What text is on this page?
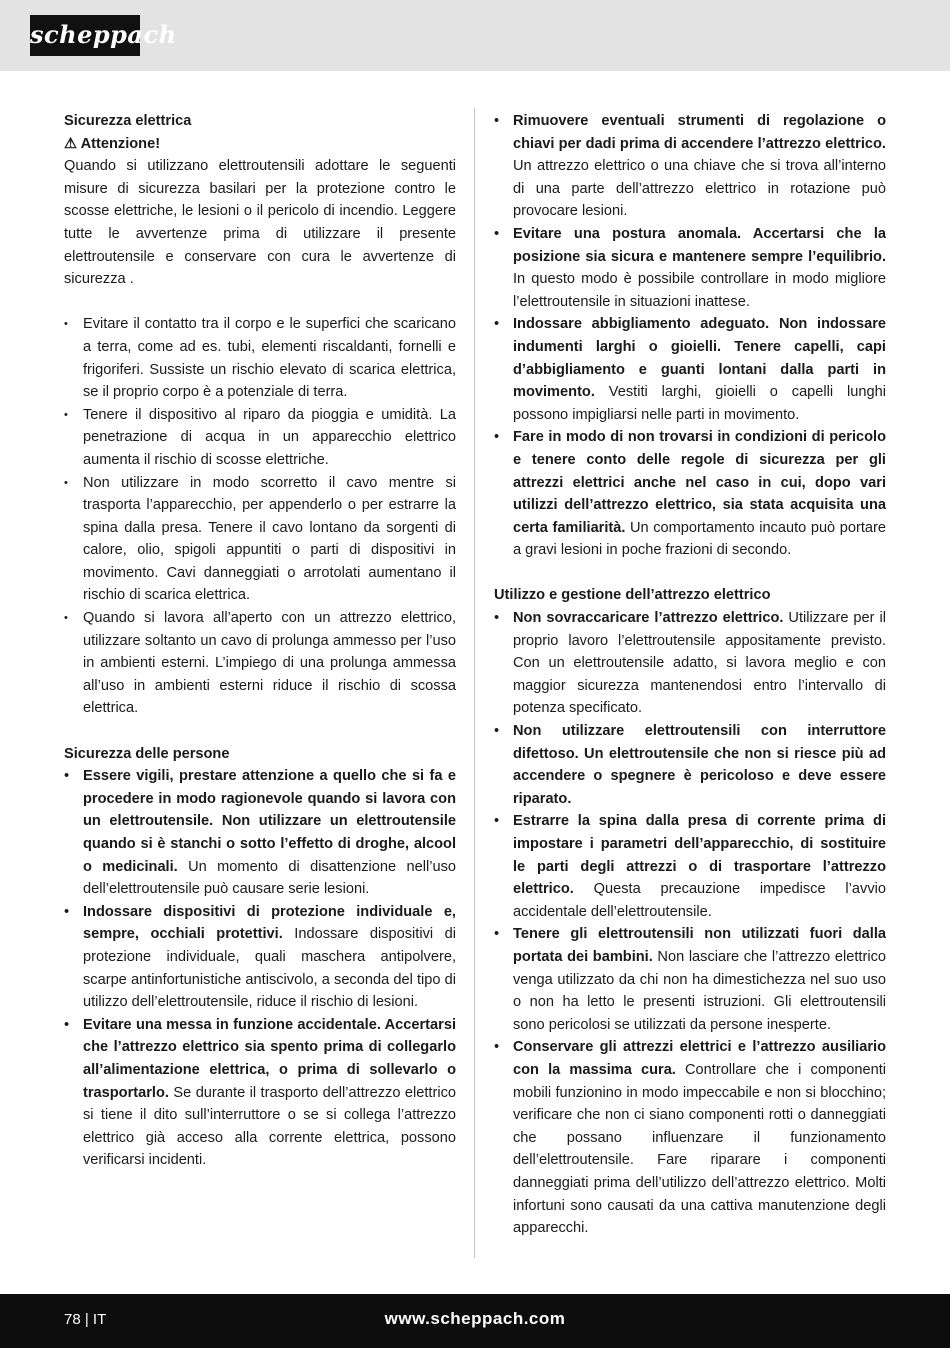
scheppach
Sicurezza elettrica
⚠ Attenzione!

Quando si utilizzano elettroutensili adottare le seguenti misure di sicurezza basilari per la protezione contro le scosse elettriche, le lesioni o il pericolo di incendio. Leggere tutte le avvertenze prima di utilizzare il presente elettroutensile e conservare con cura le avvertenze di sicurezza .

• Evitare il contatto tra il corpo e le superfici che scaricano a terra, come ad es. tubi, elementi riscaldanti, fornelli e frigoriferi. Sussiste un rischio elevato di scarica elettrica, se il proprio corpo è a potenziale di terra.
• Tenere il dispositivo al riparo da pioggia e umidità. La penetrazione di acqua in un apparecchio elettrico aumenta il rischio di scosse elettriche.
• Non utilizzare in modo scorretto il cavo mentre si trasporta l’apparecchio, per appenderlo o per estrarre la spina dalla presa. Tenere il cavo lontano da sorgenti di calore, olio, spigoli appuntiti o parti di dispositivi in movimento. Cavi danneggiati o arrotolati aumentano il rischio di scarica elettrica.
• Quando si lavora all’aperto con un attrezzo elettrico, utilizzare soltanto un cavo di prolunga ammesso per l’uso in ambienti esterni. L’impiego di una prolunga ammessa all’uso in ambienti esterni riduce il rischio di scossa elettrica.
Sicurezza delle persone
• Essere vigili, prestare attenzione a quello che si fa e procedere in modo ragionevole quando si lavora con un elettroutensile. Non utilizzare un elettroutensile quando si è stanchi o sotto l’effetto di droghe, alcool o medicinali. Un momento di disattenzione nell’uso dell’elettroutensile può causare serie lesioni.
• Indossare dispositivi di protezione individuale e, sempre, occhiali protettivi. Indossare dispositivi di protezione individuale, quali maschera antipolvere, scarpe antinfortunistiche antiscivolo, a seconda del tipo di utilizzo dell’elettroutensile, riduce il rischio di lesioni.
• Evitare una messa in funzione accidentale. Accertarsi che l’attrezzo elettrico sia spento prima di collegarlo all’alimentazione elettrica, o prima di sollevarlo o trasportarlo. Se durante il trasporto dell’attrezzo elettrico si tiene il dito sull’interruttore o se si collega l’attrezzo elettrico già acceso alla corrente elettrica, possono verificarsi incidenti.
• Rimuovere eventuali strumenti di regolazione o chiavi per dadi prima di accendere l’attrezzo elettrico. Un attrezzo elettrico o una chiave che si trova all’interno di una parte dell’attrezzo elettrico in rotazione può provocare lesioni.
• Evitare una postura anomala. Accertarsi che la posizione sia sicura e mantenere sempre l’equilibrio. In questo modo è possibile controllare in modo migliore l’elettroutensile in situazioni inattese.
• Indossare abbigliamento adeguato. Non indossare indumenti larghi o gioielli. Tenere capelli, capi d’abbigliamento e guanti lontani dalla parti in movimento. Vestiti larghi, gioielli o capelli lunghi possono impigliarsi nelle parti in movimento.
• Fare in modo di non trovarsi in condizioni di pericolo e tenere conto delle regole di sicurezza per gli attrezzi elettrici anche nel caso in cui, dopo vari utilizzi dell’attrezzo elettrico, sia stata acquisita una certa familiarità. Un comportamento incauto può portare a gravi lesioni in poche frazioni di secondo.
Utilizzo e gestione dell’attrezzo elettrico
• Non sovraccaricare l’attrezzo elettrico. Utilizzare per il proprio lavoro l’elettroutensile appositamente previsto. Con un elettroutensile adatto, si lavora meglio e con maggior sicurezza mantenendosi entro l’intervallo di potenza specificato.
• Non utilizzare elettroutensili con interruttore difettoso. Un elettroutensile che non si riesce più ad accendere o spegnere è pericoloso e deve essere riparato.
• Estrarre la spina dalla presa di corrente prima di impostare i parametri dell’apparecchio, di sostituire le parti degli attrezzi o di trasportare l’attrezzo elettrico. Questa precauzione impedisce l’avvio accidentale dell’elettroutensile.
• Tenere gli elettroutensili non utilizzati fuori dalla portata dei bambini. Non lasciare che l’attrezzo elettrico venga utilizzato da chi non ha dimestichezza nel suo uso o non ha letto le presenti istruzioni. Gli elettroutensili sono pericolosi se utilizzati da persone inesperte.
• Conservare gli attrezzi elettrici e l’attrezzo ausiliario con la massima cura. Controllare che i componenti mobili funzionino in modo impeccabile e non si blocchino; verificare che non ci siano componenti rotti o danneggiati che possano influenzare il funzionamento dell’elettroutensile. Fare riparare i componenti danneggiati prima dell’utilizzo dell’attrezzo elettrico. Molti infortuni sono causati da una cattiva manutenzione degli apparecchi.
78 | IT	www.scheppach.com
